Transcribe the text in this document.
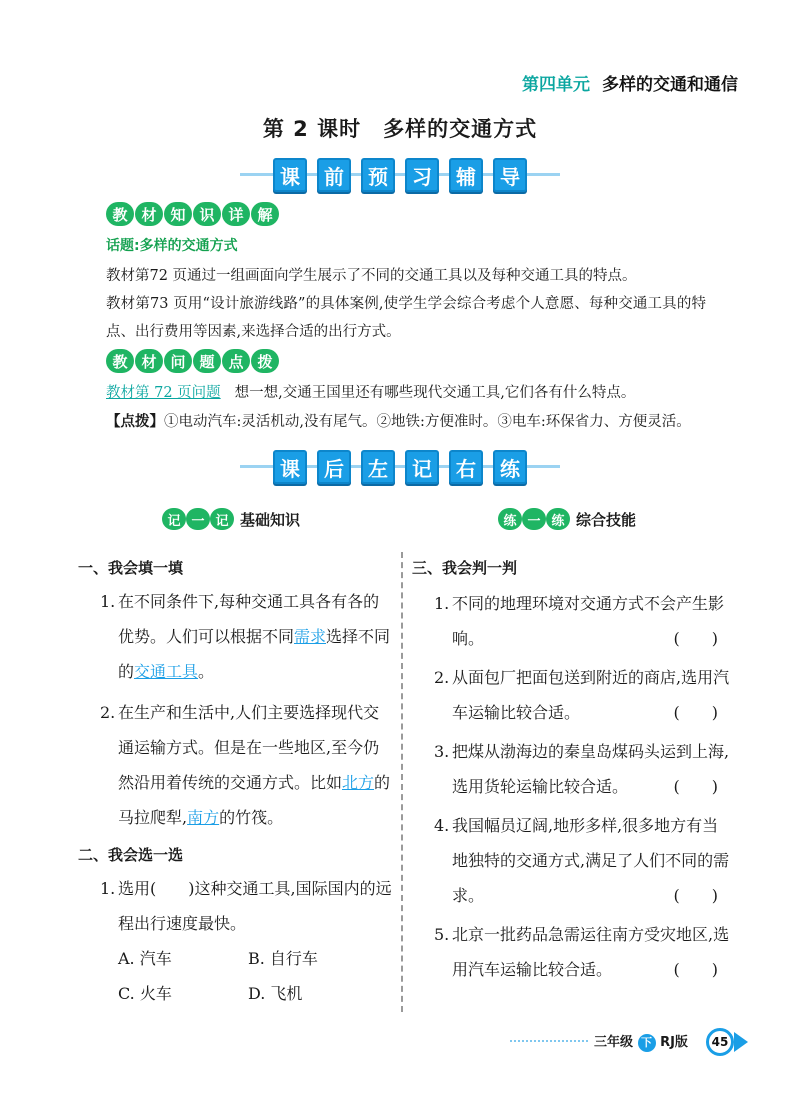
第四单元 多样的交通和通信
第 2 课时 多样的交通方式
课	前	预	习	辅	导
教 材 知 识 详 解
话题:多样的交通方式
教材第72 页通过一组画面向学生展示了不同的交通工具以及每种交通工具的特点。
教材第73 页用“设计旅游线路”的具体案例,使学生学会综合考虑个人意愿、每种交通工具的特点、出行费用等因素,来选择合适的出行方式。
教 材 问 题 点 拨
教材第 72 页问题 想一想,交通王国里还有哪些现代交通工具,它们各有什么特点。
【点拨】①电动汽车:灵活机动,没有尾气。②地铁:方便准时。③电车:环保省力、方便灵活。
课	后	左	记	右	练
记 一 记 基础知识	练 一 练 综合技能
一、我会填一填
1. 在不同条件下,每种交通工具各有各的优势。人们可以根据不同需求选择不同的交通工具。
2. 在生产和生活中,人们主要选择现代交通运输方式。但是在一些地区,至今仍然沿用着传统的交通方式。比如北方的马拉爬犁,南方的竹筏。
二、我会选一选
1. 选用(　　)这种交通工具,国际国内的远程出行速度最快。
A. 汽车	B. 自行车
C. 火车	D. 飞机
三、我会判一判
1. 不同的地理环境对交通方式不会产生影响。	(　　)
2. 从面包厂把面包送到附近的商店,选用汽车运输比较合适。	(　　)
3. 把煤从渤海边的秦皇岛煤码头运到上海,选用货轮运输比较合适。	(　　)
4. 我国幅员辽阔,地形多样,很多地方有当地独特的交通方式,满足了人们不同的需求。	(　　)
5. 北京一批药品急需运往南方受灾地区,选用汽车运输比较合适。	(　　)
三年级 下 RJ版	45
